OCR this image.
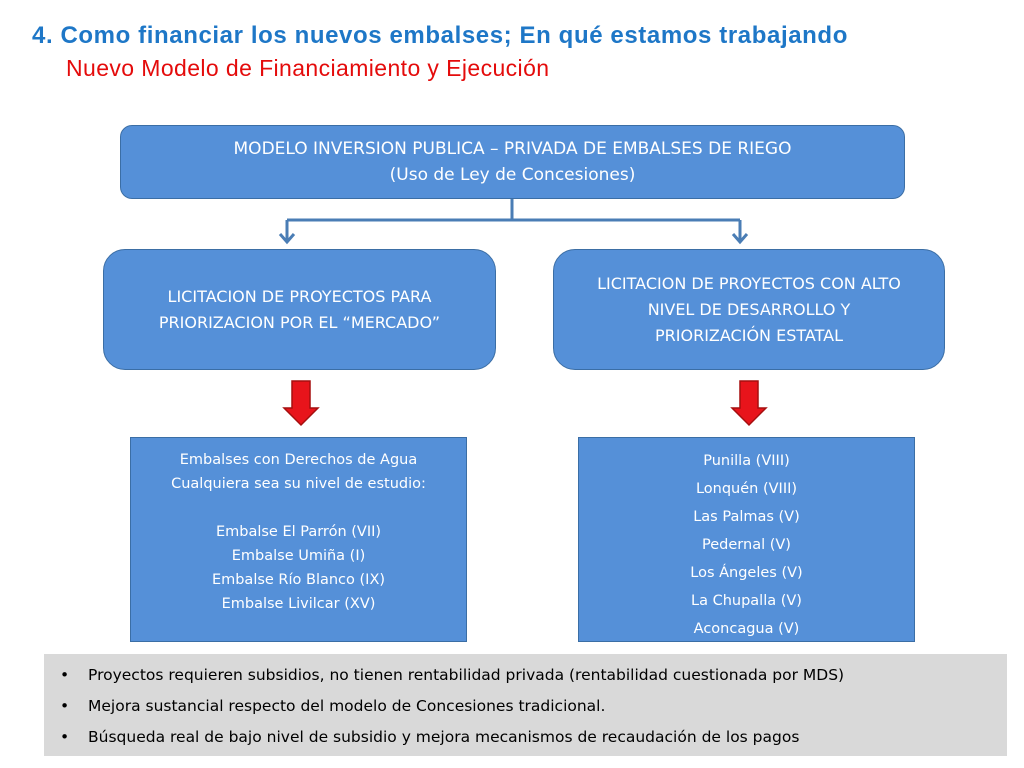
4. Como financiar los nuevos embalses; En qué estamos trabajando
Nuevo Modelo de Financiamiento y Ejecución
MODELO INVERSION PUBLICA – PRIVADA DE EMBALSES DE RIEGO
(Uso de Ley de Concesiones)
LICITACION DE PROYECTOS PARA
PRIORIZACION POR EL “MERCADO”
LICITACION DE PROYECTOS CON ALTO
NIVEL DE DESARROLLO Y
PRIORIZACIÓN ESTATAL
Embalses con Derechos de Agua
Cualquiera sea su nivel de estudio:
Embalse El Parrón (VII)
Embalse Umiña (I)
Embalse Río Blanco (IX)
Embalse Livilcar (XV)
Punilla (VIII)
Lonquén (VIII)
Las Palmas (V)
Pedernal (V)
Los Ángeles (V)
La Chupalla (V)
Aconcagua (V)
•	Proyectos requieren subsidios, no tienen rentabilidad privada (rentabilidad cuestionada por MDS)
•	Mejora sustancial respecto del modelo de Concesiones tradicional.
•	Búsqueda real de bajo nivel de subsidio y mejora mecanismos de recaudación de los pagos
